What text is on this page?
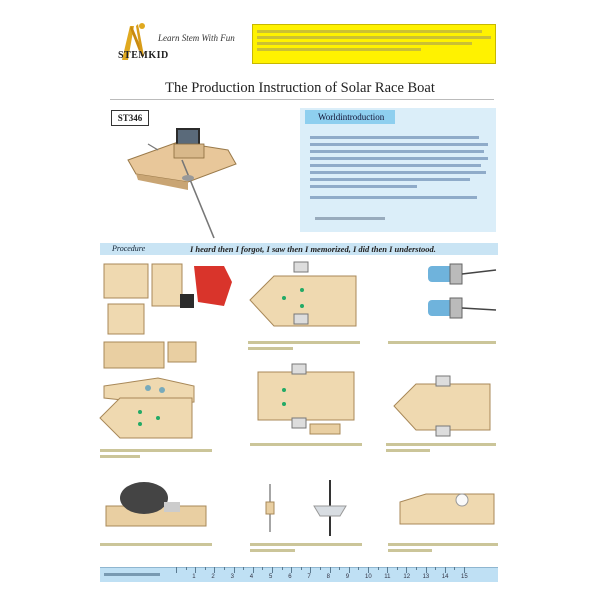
Learn Stem With Fun
STEMKID
The Production Instruction of Solar Race Boat
ST346	Worldintroduction
Procedure	I heard then I forgot, I saw then I memorized, I did then I understood.
1	2	3	4	5	6	7	8	9	10 11 12 13 14 15
